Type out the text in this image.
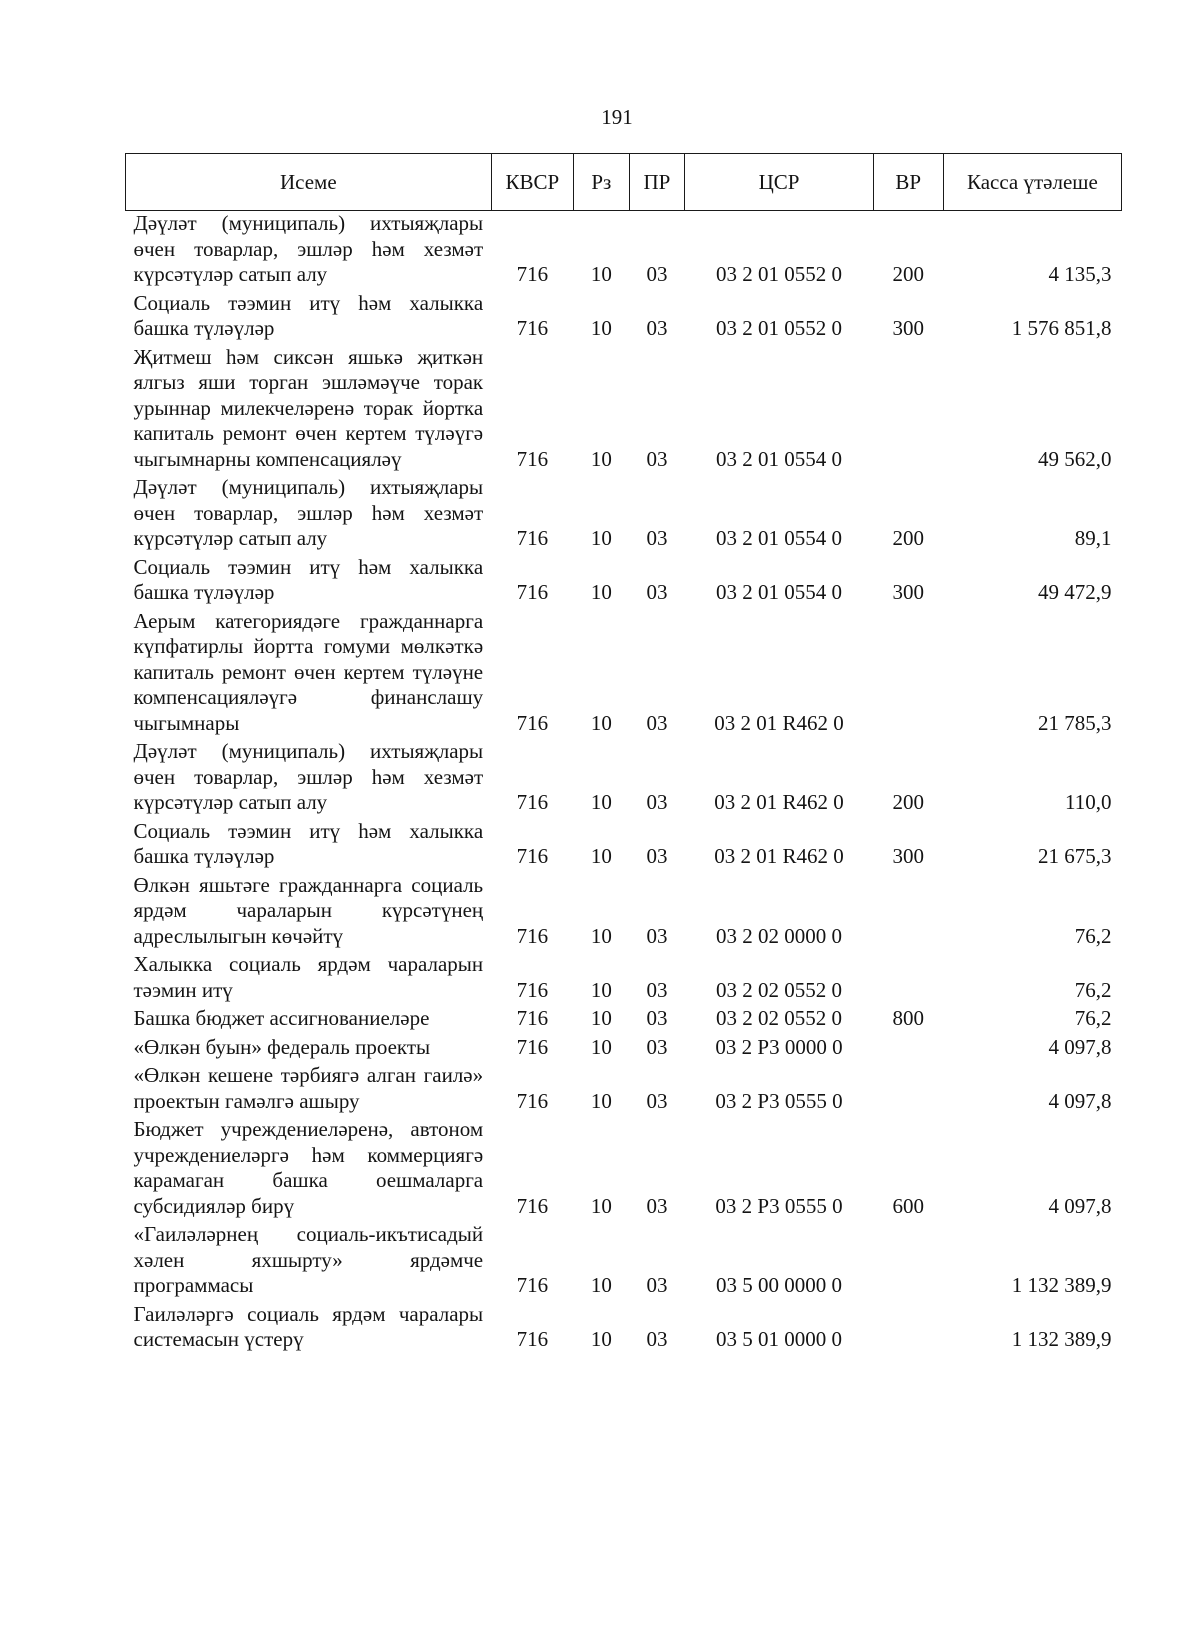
191
Исеме	КВСР	Рз	ПР	ЦСР	ВР	Касса үтәлеше
Дәүләт (муниципаль) ихтыяҗлары өчен товарлар, эшләр һәм хезмәт күрсәтүләр сатып алу	716	10	03	03 2 01 0552 0	200	4 135,3
Социаль тәэмин итү һәм халыкка башка түләүләр	716	10	03	03 2 01 0552 0	300	1 576 851,8
Җитмеш һәм сиксән яшькә җиткән ялгыз яши торган эшләмәүче торак урыннар милекчеләренә торак йортка капиталь ремонт өчен кертем түләүгә чыгымнарны компенсацияләү	716	10	03	03 2 01 0554 0		49 562,0
Дәүләт (муниципаль) ихтыяҗлары өчен товарлар, эшләр һәм хезмәт күрсәтүләр сатып алу	716	10	03	03 2 01 0554 0	200	89,1
Социаль тәэмин итү һәм халыкка башка түләүләр	716	10	03	03 2 01 0554 0	300	49 472,9
Аерым категориядәге гражданнарга күпфатирлы йортта гомуми мөлкәткә капиталь ремонт өчен кертем түләүне компенсацияләүгә финанслашу чыгымнары	716	10	03	03 2 01 R462 0		21 785,3
Дәүләт (муниципаль) ихтыяҗлары өчен товарлар, эшләр һәм хезмәт күрсәтүләр сатып алу	716	10	03	03 2 01 R462 0	200	110,0
Социаль тәэмин итү һәм халыкка башка түләүләр	716	10	03	03 2 01 R462 0	300	21 675,3
Өлкән яшьтәге гражданнарга социаль ярдәм чараларын күрсәтүнең адреслылыгын көчәйтү	716	10	03	03 2 02 0000 0		76,2
Халыкка социаль ярдәм чараларын тәэмин итү	716	10	03	03 2 02 0552 0		76,2
Башка бюджет ассигнованиеләре	716	10	03	03 2 02 0552 0	800	76,2
«Өлкән буын» федераль проекты	716	10	03	03 2 P3 0000 0		4 097,8
«Өлкән кешене тәрбиягә алган гаилә» проектын гамәлгә ашыру	716	10	03	03 2 P3 0555 0		4 097,8
Бюджет учреждениеләренә, автоном учреждениеләргә һәм коммерциягә карамаган башка оешмаларга субсидияләр бирү	716	10	03	03 2 P3 0555 0	600	4 097,8
«Гаиләләрнең социаль-икътисадый хәлен яхшырту» ярдәмче программасы	716	10	03	03 5 00 0000 0		1 132 389,9
Гаиләләргә социаль ярдәм чаралары системасын үстерү	716	10	03	03 5 01 0000 0		1 132 389,9
